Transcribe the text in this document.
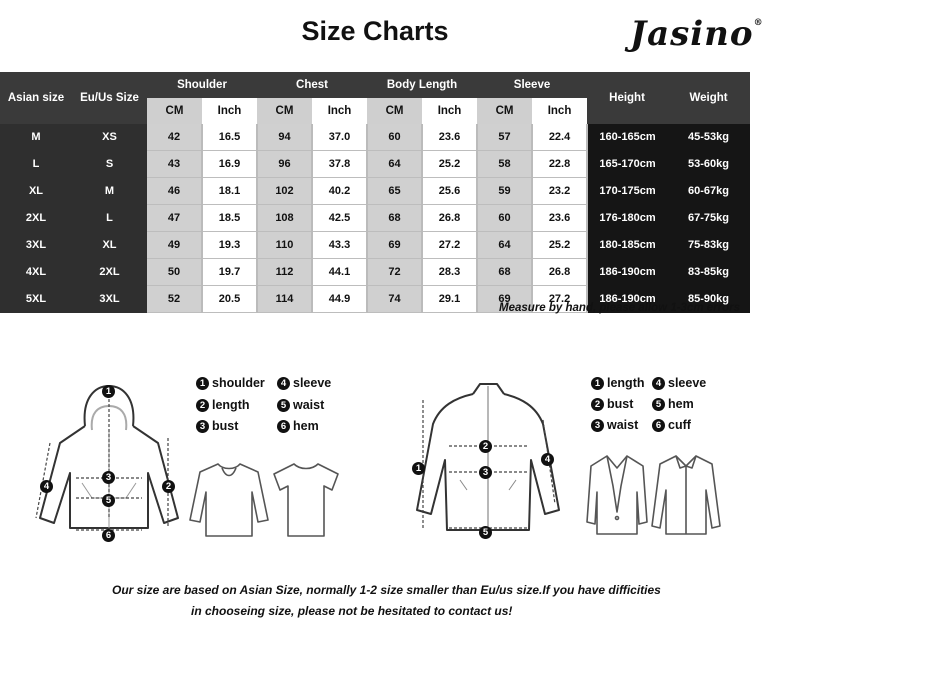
Size Charts	Jasino®
Asian size	Eu/Us Size	Shoulder		Chest		Body Length		Sleeve		Height	Weight
		CM	Inch	CM	Inch	CM	Inch	CM	Inch		
M	XS	42	16.5	94	37.0	60	23.6	57	22.4	160-165cm	45-53kg
L	S	43	16.9	96	37.8	64	25.2	58	22.8	165-170cm	53-60kg
XL	M	46	18.1	102	40.2	65	25.6	59	23.2	170-175cm	60-67kg
2XL	L	47	18.5	108	42.5	68	26.8	60	23.6	176-180cm	67-75kg
3XL	XL	49	19.3	110	43.3	69	27.2	64	25.2	180-185cm	75-83kg
4XL	2XL	50	19.7	112	44.1	72	28.3	68	26.8	186-190cm	83-85kg
5XL	3XL	52	20.5	114	44.9	74	29.1	69	27.2	186-190cm	85-90kg
Measure by hand, please allow 1-3cm errors
1
2
3
4
5
6
1 shoulder
2 length
3 bust
4 sleeve
5 waist
6 hem
1
2
3
4
5
1 length
2 bust
3 waist
4 sleeve
5 hem
6 cuff
Our size are based on Asian Size, normally 1-2 size smaller than Eu/us size.If you have difficities
in chooseing size, please not be hesitated to contact us!
